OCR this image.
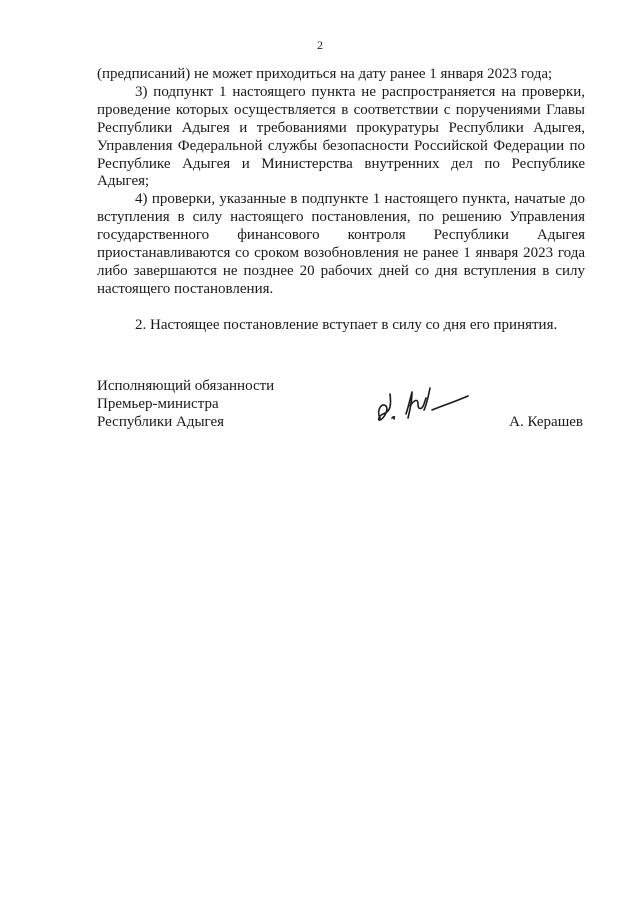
2

(предписаний) не может приходиться на дату ранее 1 января 2023 года;

3) подпункт 1 настоящего пункта не распространяется на проверки, проведение которых осуществляется в соответствии с поручениями Главы Республики Адыгея и требованиями прокуратуры Республики Адыгея, Управления Федеральной службы безопасности Российской Федерации по Республике Адыгея и Министерства внутренних дел по Республике Адыгея;

4) проверки, указанные в подпункте 1 настоящего пункта, начатые до вступления в силу настоящего постановления, по решению Управления государственного финансового контроля Республики Адыгея приостанавливаются со сроком возобновления не ранее 1 января 2023 года либо завершаются не позднее 20 рабочих дней со дня вступления в силу настоящего постановления.

2. Настоящее постановление вступает в силу со дня его принятия.

Исполняющий обязанности
Премьер-министра
Республики Адыгея	А. Керашев
